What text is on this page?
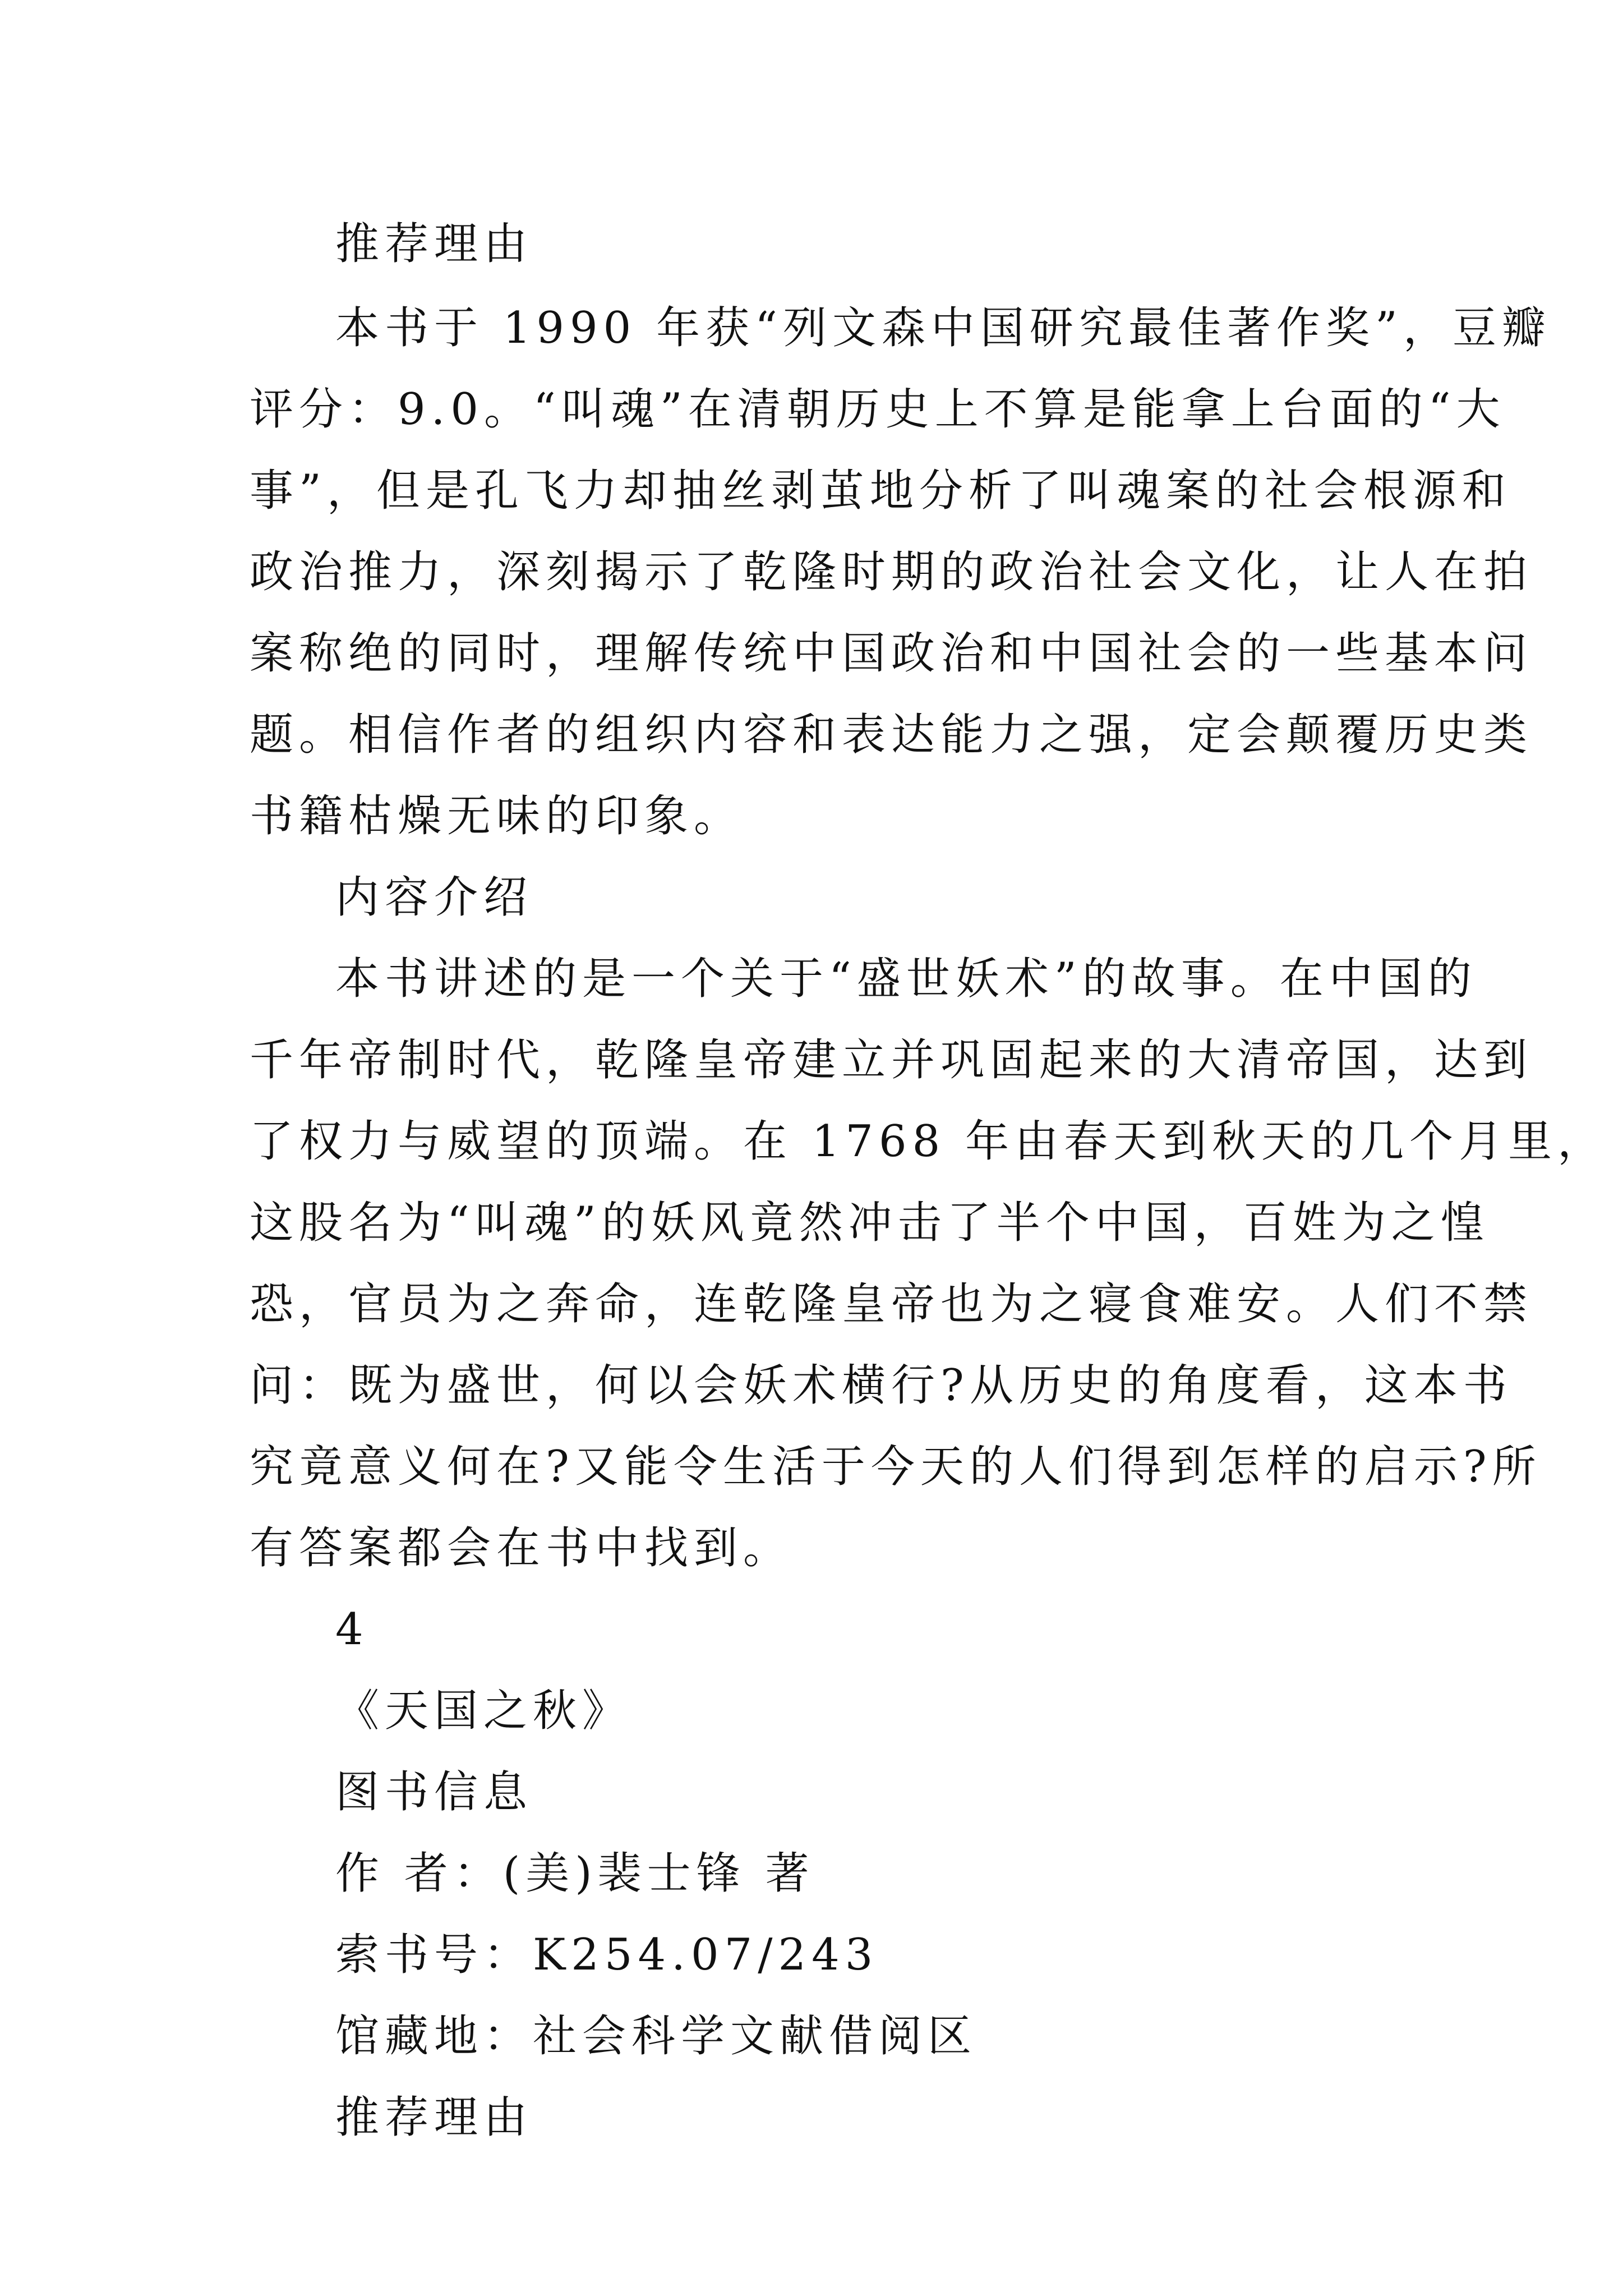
推荐理由
本书于 1990 年获“列文森中国研究最佳著作奖”，豆瓣
评分：9.0。“叫魂”在清朝历史上不算是能拿上台面的“大
事”，但是孔飞力却抽丝剥茧地分析了叫魂案的社会根源和
政治推力，深刻揭示了乾隆时期的政治社会文化，让人在拍
案称绝的同时，理解传统中国政治和中国社会的一些基本问
题。相信作者的组织内容和表达能力之强，定会颠覆历史类
书籍枯燥无味的印象。
内容介绍
本书讲述的是一个关于“盛世妖术”的故事。在中国的
千年帝制时代，乾隆皇帝建立并巩固起来的大清帝国，达到
了权力与威望的顶端。在 1768 年由春天到秋天的几个月里，
这股名为“叫魂”的妖风竟然冲击了半个中国，百姓为之惶
恐，官员为之奔命，连乾隆皇帝也为之寝食难安。人们不禁
问：既为盛世，何以会妖术横行?从历史的角度看，这本书
究竟意义何在?又能令生活于今天的人们得到怎样的启示?所
有答案都会在书中找到。
4
《天国之秋》
图书信息
作 者：(美)裴士锋 著
索书号：K254.07/243
馆藏地：社会科学文献借阅区
推荐理由
